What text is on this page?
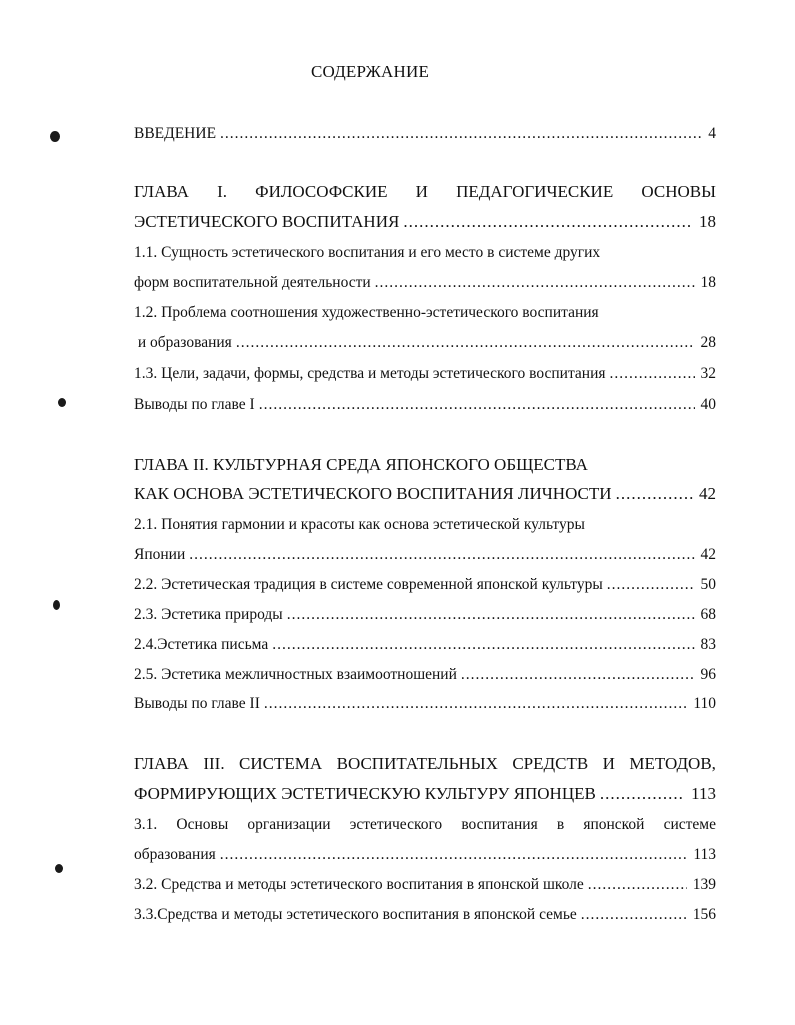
СОДЕРЖАНИЕ
ВВЕДЕНИЕ .....	4
ГЛАВА I. ФИЛОСОФСКИЕ И ПЕДАГОГИЧЕСКИЕ ОСНОВЫ
ЭСТЕТИЧЕСКОГО ВОСПИТАНИЯ .....	18
1.1. Сущность эстетического воспитания и его место в системе других
форм воспитательной деятельности .....	18
1.2. Проблема соотношения художественно-эстетического воспитания
и образования .....	28
1.3. Цели, задачи, формы, средства и методы эстетического воспитания .....	32
Выводы по главе I .....	40
ГЛАВА II. КУЛЬТУРНАЯ СРЕДА ЯПОНСКОГО ОБЩЕСТВА
КАК ОСНОВА ЭСТЕТИЧЕСКОГО ВОСПИТАНИЯ ЛИЧНОСТИ .....	42
2.1. Понятия гармонии и красоты как основа эстетической культуры
Японии .....	42
2.2. Эстетическая традиция в системе современной японской культуры .....	50
2.3. Эстетика природы .....	68
2.4.Эстетика письма .....	83
2.5. Эстетика межличностных взаимоотношений .....	96
Выводы по главе II .....	110
ГЛАВА III. СИСТЕМА ВОСПИТАТЕЛЬНЫХ СРЕДСТВ И МЕТОДОВ,
ФОРМИРУЮЩИХ ЭСТЕТИЧЕСКУЮ КУЛЬТУРУ ЯПОНЦЕВ .....	113
3.1. Основы организации эстетического воспитания в японской системе
образования .....	113
3.2. Средства и методы эстетического воспитания в японской школе .....	139
3.3.Средства и методы эстетического воспитания в японской семье .....	156
